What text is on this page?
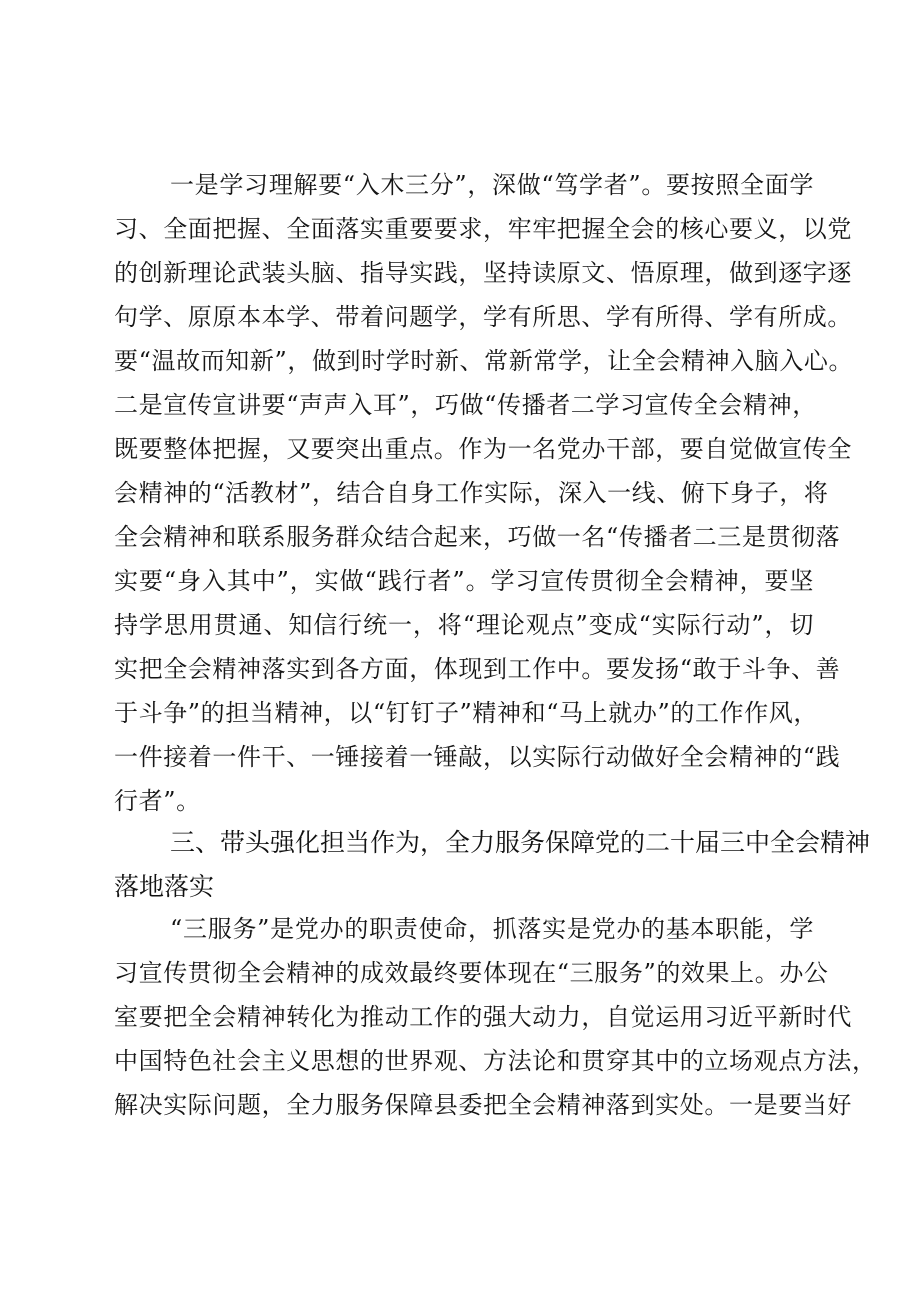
一是学习理解要“入木三分”，深做“笃学者”。要按照全面学
习、全面把握、全面落实重要要求，牢牢把握全会的核心要义，以党
的创新理论武装头脑、指导实践，坚持读原文、悟原理，做到逐字逐
句学、原原本本学、带着问题学，学有所思、学有所得、学有所成。
要“温故而知新”，做到时学时新、常新常学，让全会精神入脑入心。
二是宣传宣讲要“声声入耳”，巧做“传播者二学习宣传全会精神，
既要整体把握，又要突出重点。作为一名党办干部，要自觉做宣传全
会精神的“活教材”，结合自身工作实际，深入一线、俯下身子，将
全会精神和联系服务群众结合起来，巧做一名“传播者二三是贯彻落
实要“身入其中”，实做“践行者”。学习宣传贯彻全会精神，要坚
持学思用贯通、知信行统一，将“理论观点”变成“实际行动”，切
实把全会精神落实到各方面，体现到工作中。要发扬“敢于斗争、善
于斗争”的担当精神，以“钉钉子”精神和“马上就办”的工作作风，
一件接着一件干、一锤接着一锤敲，以实际行动做好全会精神的“践
行者”。
三、带头强化担当作为，全力服务保障党的二十届三中全会精神
落地落实
“三服务”是党办的职责使命，抓落实是党办的基本职能，学
习宣传贯彻全会精神的成效最终要体现在“三服务”的效果上。办公
室要把全会精神转化为推动工作的强大动力，自觉运用习近平新时代
中国特色社会主义思想的世界观、方法论和贯穿其中的立场观点方法，
解决实际问题，全力服务保障县委把全会精神落到实处。一是要当好
